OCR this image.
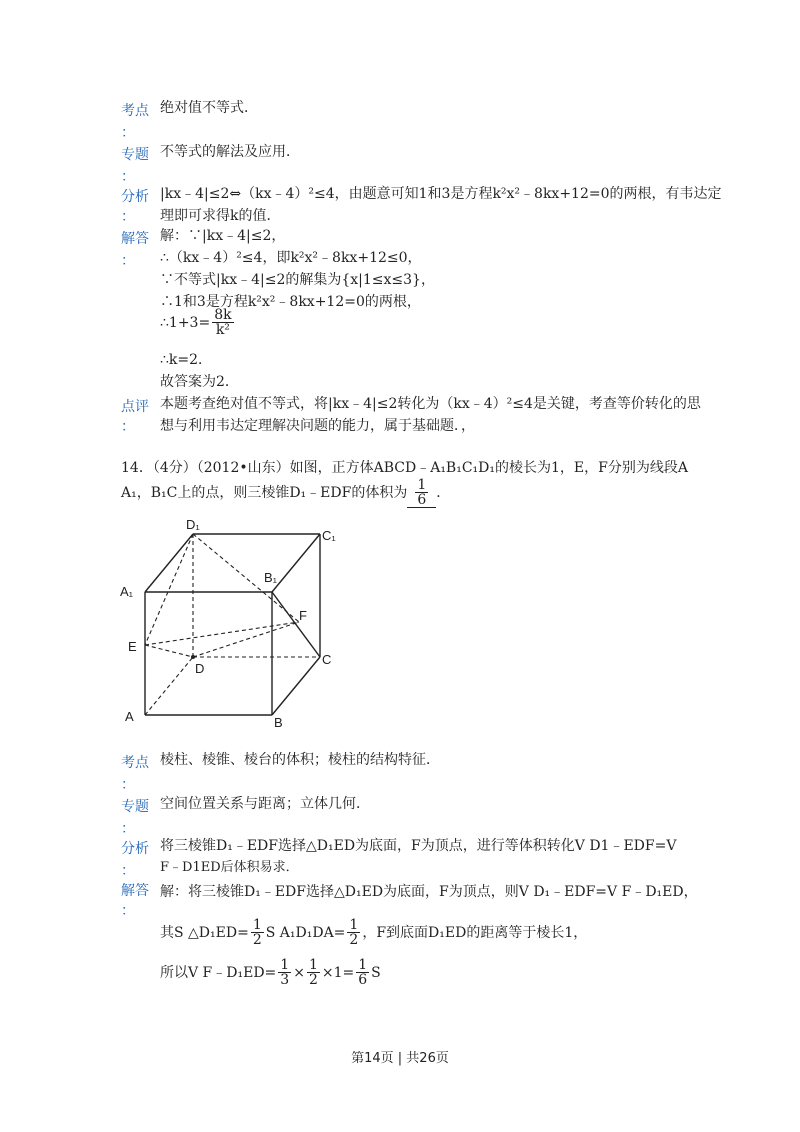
考点 绝对值不等式．
：
专题 不等式的解法及应用．
：
分析 |kx﹣4|≤2⇔（kx﹣4）²≤4，由题意可知1和3是方程k²x²﹣8kx+12=0的两根，有韦达定
： 理即可求得k的值．
解答
：
解：∵|kx﹣4|≤2，
∴（kx﹣4）²≤4，即k²x²﹣8kx+12≤0，
∵不等式|kx﹣4|≤2的解集为{x|1≤x≤3}，
∴1和3是方程k²x²﹣8kx+12=0的两根，
∴1+3= $\frac{8k}{\text{k²}}$
∴k=2．
故答案为2．
点评 本题考查绝对值不等式，将|kx﹣4|≤2转化为（kx﹣4）²≤4是关键，考查等价转化的思
： 想与利用韦达定理解决问题的能力，属于基础题．，
14．（4分）（2012•山东）如图，正方体ABCD﹣A₁B₁C₁D₁的棱长为1，E，F分别为线段A
A₁，B₁C上的点，则三棱锥D₁﹣EDF的体积为 $\frac{1}{6}$ ．
D₁
C₁
B₁
A₁
F
E
D
C
A	B
考点 棱柱、棱锥、棱台的体积；棱柱的结构特征．
：
专题 空间位置关系与距离；立体几何．
：
分析 将三棱锥D₁﹣EDF选择△D₁ED为底面，F为顶点，进行等体积转化V D1﹣EDF=V
： F﹣D1ED后体积易求．
解答
：
解：将三棱锥D₁﹣EDF选择△D₁ED为底面，F为顶点，则V D₁﹣EDF=V F﹣D₁ED，
其S △D₁ED= $\frac{1}{2}$ S $A_1D_1DA= \frac{1}{2}$ ，F到底面D₁ED的距离等于棱长1，
所以V F﹣D₁ED= $\frac{1}{3} \times \frac{1}{2} \times 1= \frac{1}{6}$ S
第14页 | 共26页
